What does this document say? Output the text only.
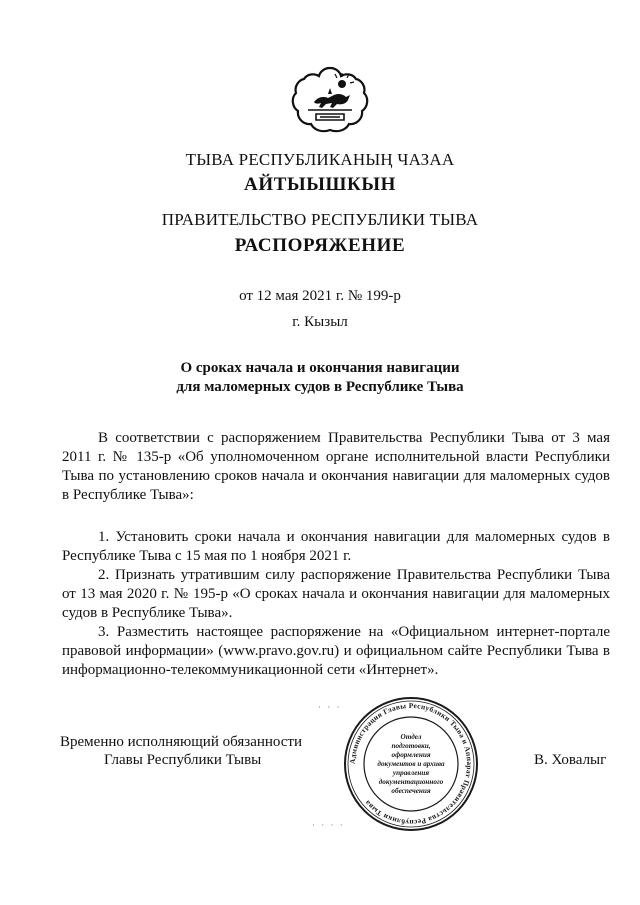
ТЫВА РЕСПУБЛИКАНЫҢ ЧАЗАА
АЙТЫЫШКЫН
ПРАВИТЕЛЬСТВО РЕСПУБЛИКИ ТЫВА
РАСПОРЯЖЕНИЕ
от 12 мая 2021 г. № 199-р
г. Кызыл
О сроках начала и окончания навигации
для маломерных судов в Республике Тыва

В соответствии с распоряжением Правительства Республики Тыва от 3 мая 2011 г. № 135-р «Об уполномоченном органе исполнительной власти Республики Тыва по установлению сроков начала и окончания навигации для маломерных судов в Республике Тыва»:

1. Установить сроки начала и окончания навигации для маломерных судов в Республике Тыва с 15 мая по 1 ноября 2021 г.

2. Признать утратившим силу распоряжение Правительства Республики Тыва от 13 мая 2020 г. № 195-р «О сроках начала и окончания навигации для маломерных судов в Республике Тыва».

3. Разместить настоящее распоряжение на «Официальном интернет-портале правовой информации» (www.pravo.gov.ru) и официальном сайте Республики Тыва в информационно-телекоммуникационной сети «Интернет».

Временно исполняющий обязанности
Главы Республики Тывы	В. Ховалыг
· · ·
· · · ·
Администрация Главы Республики Тыва и Аппарат Правительства Республики Тыва
Отдел
подготовки,
оформления
документов и архива
управления
документационного
обеспечения
